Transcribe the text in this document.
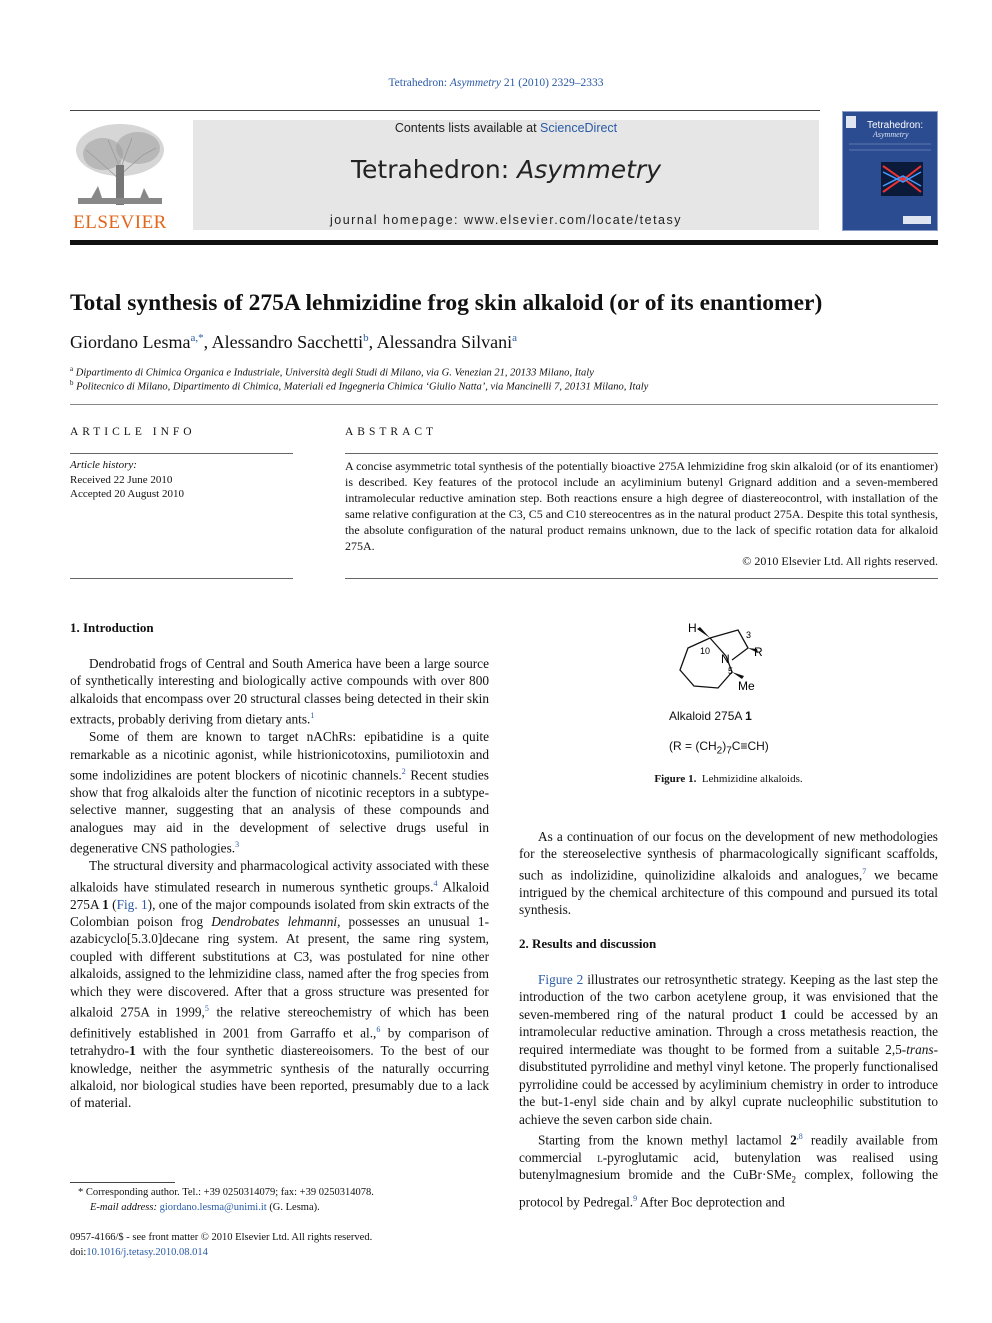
Tetrahedron: Asymmetry 21 (2010) 2329–2333
ELSEVIER
Contents lists available at ScienceDirect
Tetrahedron: Asymmetry
journal homepage: www.elsevier.com/locate/tetasy
Tetrahedron:
Asymmetry
Total synthesis of 275A lehmizidine frog skin alkaloid (or of its enantiomer)
Giordano Lesma$^{a,*}$, Alessandro Sacchetti$^b$, Alessandra Silvani$^a$
$^a$ Dipartimento di Chimica Organica e Industriale, Università degli Studi di Milano, via G. Venezian 21, 20133 Milano, Italy
$^b$ Politecnico di Milano, Dipartimento di Chimica, Materiali ed Ingegneria Chimica ‘Giulio Natta’, via Mancinelli 7, 20131 Milano, Italy
ARTICLE INFO	ABSTRACT
Article history:
Received 22 June 2010
Accepted 20 August 2010
A concise asymmetric total synthesis of the potentially bioactive 275A lehmizidine frog skin alkaloid (or of its enantiomer) is described. Key features of the protocol include an acyliminium butenyl Grignard addition and a seven-membered intramolecular reductive amination step. Both reactions ensure a high degree of diastereocontrol, with installation of the same relative configuration at the C3, C5 and C10 stereocentres as in the natural product 275A. Despite this total synthesis, the absolute configuration of the natural product remains unknown, due to the lack of specific rotation data for alkaloid 275A.
© 2010 Elsevier Ltd. All rights reserved.
1. Introduction

Dendrobatid frogs of Central and South America have been a large source of synthetically interesting and biologically active compounds with over 800 alkaloids that encompass over 20 structural classes being detected in their skin extracts, probably deriving from dietary ants.$^1$

Some of them are known to target nAChRs: epibatidine is a quite remarkable as a nicotinic agonist, while histrionicotoxins, pumiliotoxin and some indolizidines are potent blockers of nicotinic channels.$^2$ Recent studies show that frog alkaloids alter the function of nicotinic receptors in a subtype-selective manner, suggesting that an analysis of these compounds and analogues may aid in the development of selective drugs useful in degenerative CNS pathologies.$^3$

The structural diversity and pharmacological activity associated with these alkaloids have stimulated research in numerous synthetic groups.$^4$ Alkaloid 275A 1 (Fig. 1), one of the major compounds isolated from skin extracts of the Colombian poison frog Dendrobates lehmanni, possesses an unusual 1-azabicyclo[5.3.0]decane ring system. At present, the same ring system, coupled with different substitutions at C3, was postulated for nine other alkaloids, assigned to the lehmizidine class, named after the frog species from which they were discovered. After that a gross structure was presented for alkaloid 275A in 1999,$^5$ the relative stereochemistry of which has been definitively established in 2001 from Garraffo et al.,$^6$ by comparison of tetrahydro-1 with the four synthetic diastereoisomers. To the best of our knowledge, neither the asymmetric synthesis of the naturally occurring alkaloid, nor biological studies have been reported, presumably due to a lack of material.

H
10
3
R
N
5
Me
Alkaloid 275A 1
$(R = (CH_2)_7C\equiv CH)$
Figure 1. Lehmizidine alkaloids.

As a continuation of our focus on the development of new methodologies for the stereoselective synthesis of pharmacologically significant scaffolds, such as indolizidine, quinolizidine alkaloids and analogues,$^7$ we became intrigued by the chemical architecture of this compound and pursued its total synthesis.

2. Results and discussion

Figure 2 illustrates our retrosynthetic strategy. Keeping as the last step the introduction of the two carbon acetylene group, it was envisioned that the seven-membered ring of the natural product 1 could be accessed by an intramolecular reductive amination. Through a cross metathesis reaction, the required intermediate was thought to be formed from a suitable 2,5-trans-disubstituted pyrrolidine and methyl vinyl ketone. The properly functionalised pyrrolidine could be accessed by acyliminium chemistry in order to introduce the but-1-enyl side chain and by alkyl cuprate nucleophilic substitution to achieve the seven carbon side chain.

Starting from the known methyl lactamol $2^{,8}$ readily available from commercial l-pyroglutamic acid, butenylation was realised using butenylmagnesium bromide and the CuBr·SMe$_2$ complex, following the protocol by Pedregal.$^9$ After Boc deprotection and

* Corresponding author. Tel.: +39 0250314079; fax: +39 0250314078.
E-mail address: giordano.lesma@unimi.it (G. Lesma).
0957-4166/$ - see front matter © 2010 Elsevier Ltd. All rights reserved.
doi:10.1016/j.tetasy.2010.08.014
